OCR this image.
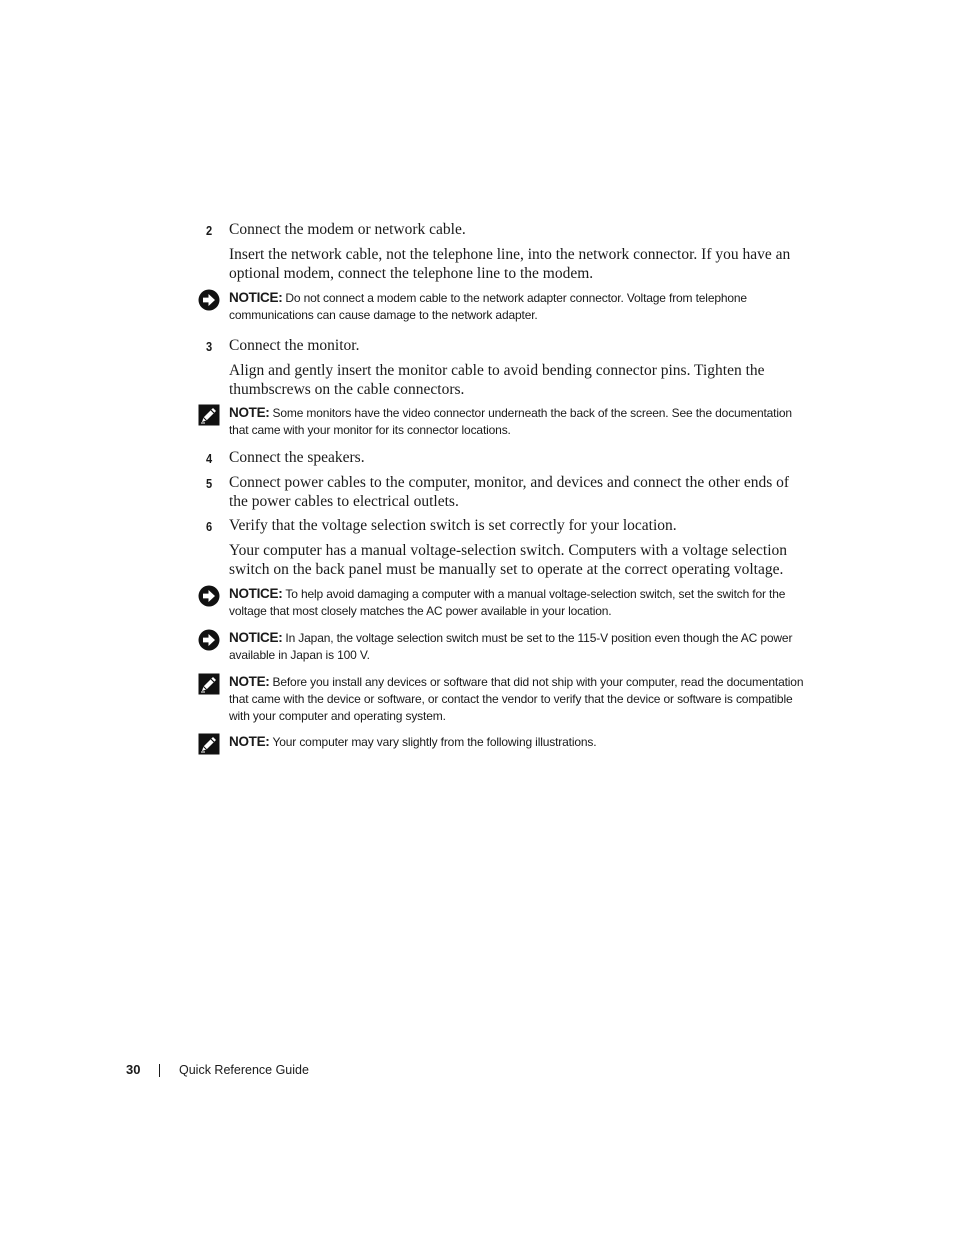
2 Connect the modem or network cable.
Insert the network cable, not the telephone line, into the network connector. If you have an optional modem, connect the telephone line to the modem.
NOTICE: Do not connect a modem cable to the network adapter connector. Voltage from telephone communications can cause damage to the network adapter.
3 Connect the monitor.
Align and gently insert the monitor cable to avoid bending connector pins. Tighten the thumbscrews on the cable connectors.
NOTE: Some monitors have the video connector underneath the back of the screen. See the documentation that came with your monitor for its connector locations.
4 Connect the speakers.
5 Connect power cables to the computer, monitor, and devices and connect the other ends of the power cables to electrical outlets.
6 Verify that the voltage selection switch is set correctly for your location.
Your computer has a manual voltage-selection switch. Computers with a voltage selection switch on the back panel must be manually set to operate at the correct operating voltage.
NOTICE: To help avoid damaging a computer with a manual voltage-selection switch, set the switch for the voltage that most closely matches the AC power available in your location.
NOTICE: In Japan, the voltage selection switch must be set to the 115-V position even though the AC power available in Japan is 100 V.
NOTE: Before you install any devices or software that did not ship with your computer, read the documentation that came with the device or software, or contact the vendor to verify that the device or software is compatible with your computer and operating system.
NOTE: Your computer may vary slightly from the following illustrations.
30	Quick Reference Guide
